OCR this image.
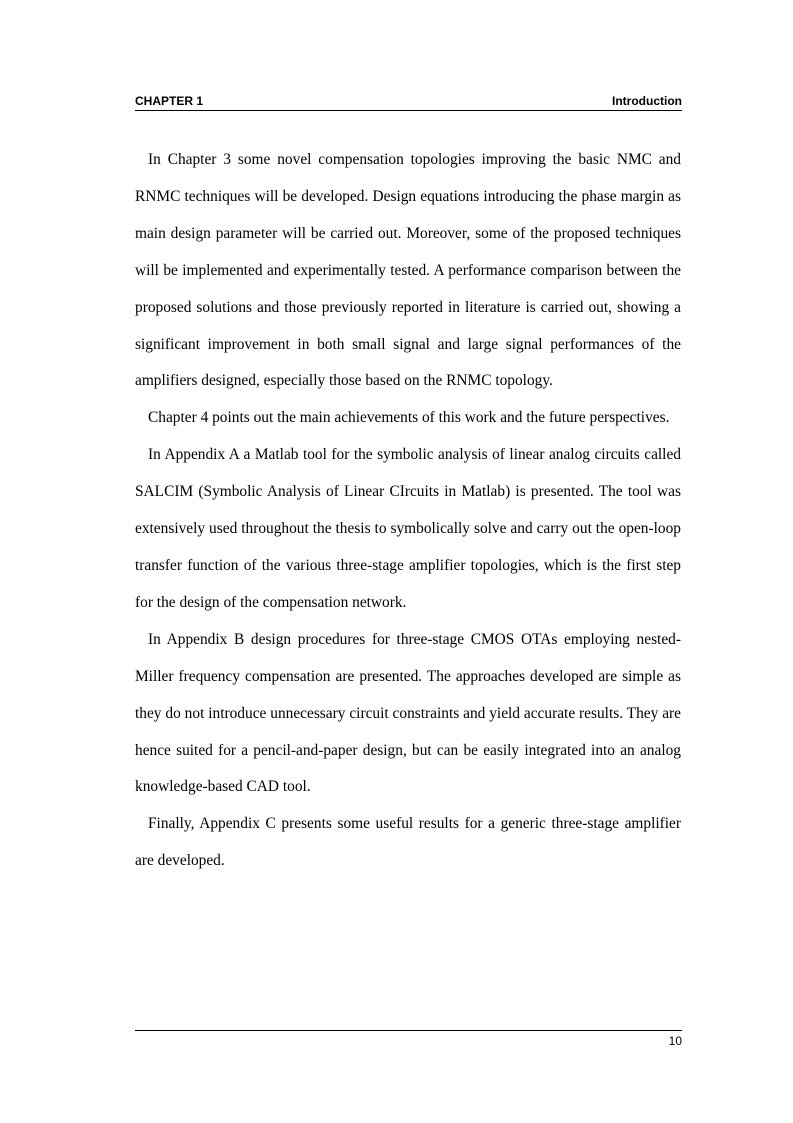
CHAPTER 1	Introduction

In Chapter 3 some novel compensation topologies improving the basic NMC and RNMC techniques will be developed. Design equations introducing the phase margin as main design parameter will be carried out. Moreover, some of the proposed techniques will be implemented and experimentally tested. A performance comparison between the proposed solutions and those previously reported in literature is carried out, showing a significant improvement in both small signal and large signal performances of the amplifiers designed, especially those based on the RNMC topology.

Chapter 4 points out the main achievements of this work and the future perspectives.

In Appendix A a Matlab tool for the symbolic analysis of linear analog circuits called SALCIM (Symbolic Analysis of Linear CIrcuits in Matlab) is presented. The tool was extensively used throughout the thesis to symbolically solve and carry out the open-loop transfer function of the various three-stage amplifier topologies, which is the first step for the design of the compensation network.

In Appendix B design procedures for three-stage CMOS OTAs employing nested-Miller frequency compensation are presented. The approaches developed are simple as they do not introduce unnecessary circuit constraints and yield accurate results. They are hence suited for a pencil-and-paper design, but can be easily integrated into an analog knowledge-based CAD tool.

Finally, Appendix C presents some useful results for a generic three-stage amplifier are developed.

10
